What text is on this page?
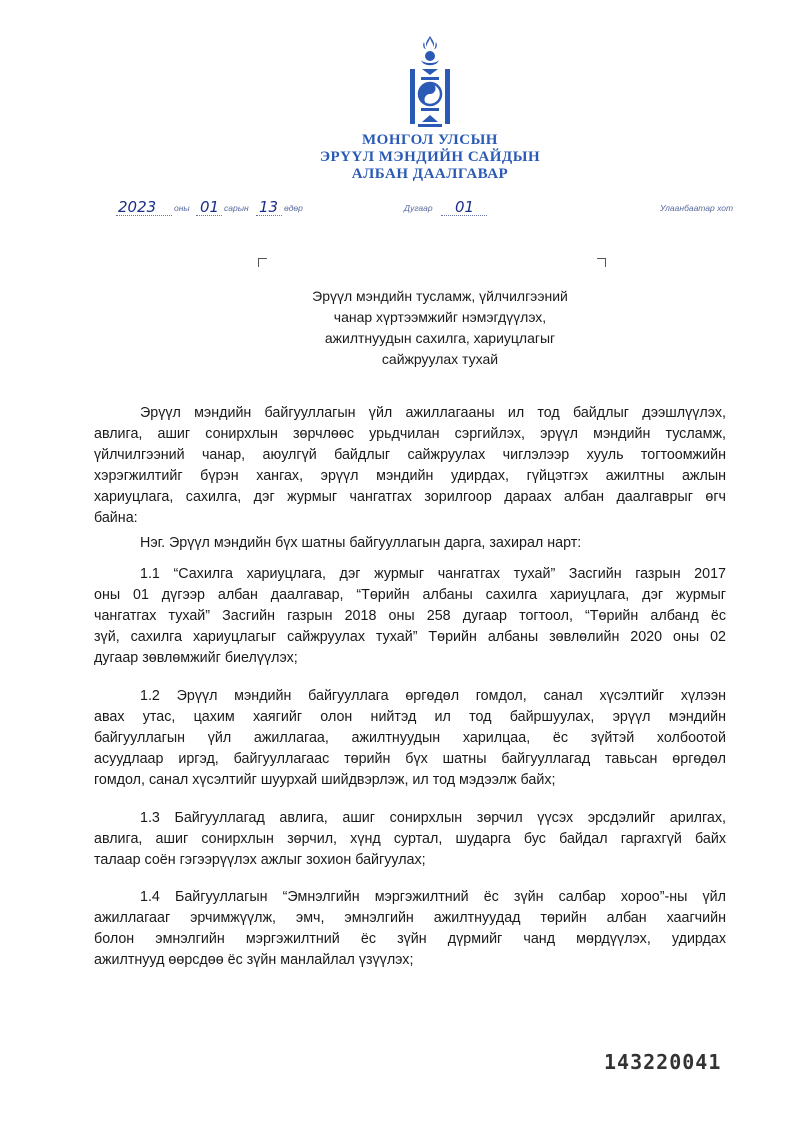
МОНГОЛ УЛСЫН
ЭРҮҮЛ МЭНДИЙН САЙДЫН
АЛБАН ДААЛГАВАР
2023 оны 01 сарын 13 өдөр	Дугаар 01	Улаанбаатар хот
Эрүүл мэндийн тусламж, үйлчилгээний
чанар хүртээмжийг нэмэгдүүлэх,
ажилтнуудын сахилга, хариуцлагыг
сайжруулах тухай
Эрүүл мэндийн байгууллагын үйл ажиллагааны ил тод байдлыг дээшлүүлэх,
авлига, ашиг сонирхлын зөрчлөөс урьдчилан сэргийлэх, эрүүл мэндийн тусламж,
үйлчилгээний чанар, аюулгүй байдлыг сайжруулах чиглэлээр хууль тогтоомжийн
хэрэгжилтийг бүрэн хангах, эрүүл мэндийн удирдах, гүйцэтгэх ажилтны ажлын
хариуцлага, сахилга, дэг журмыг чангатгах зорилгоор дараах албан даалгаврыг өгч
байна:
Нэг. Эрүүл мэндийн бүх шатны байгууллагын дарга, захирал нарт:
1.1 “Сахилга хариуцлага, дэг журмыг чангатгах тухай” Засгийн газрын 2017
оны 01 дүгээр албан даалгавар, “Төрийн албаны сахилга хариуцлага, дэг журмыг
чангатгах тухай” Засгийн газрын 2018 оны 258 дугаар тогтоол, “Төрийн албанд ёс
зүй, сахилга хариуцлагыг сайжруулах тухай” Төрийн албаны зөвлөлийн 2020 оны 02
дугаар зөвлөмжийг биелүүлэх;
1.2 Эрүүл мэндийн байгууллага өргөдөл гомдол, санал хүсэлтийг хүлээн
авах утас, цахим хаягийг олон нийтэд ил тод байршуулах, эрүүл мэндийн
байгууллагын үйл ажиллагаа, ажилтнуудын харилцаа, ёс зүйтэй холбоотой
асуудлаар иргэд, байгууллагаас төрийн бүх шатны байгууллагад тавьсан өргөдөл
гомдол, санал хүсэлтийг шуурхай шийдвэрлэж, ил тод мэдээлж байх;
1.3 Байгууллагад авлига, ашиг сонирхлын зөрчил үүсэх эрсдэлийг арилгах,
авлига, ашиг сонирхлын зөрчил, хүнд суртал, шударга бус байдал гаргахгүй байх
талаар соён гэгээрүүлэх ажлыг зохион байгуулах;
1.4 Байгууллагын “Эмнэлгийн мэргэжилтний ёс зүйн салбар хороо”-ны үйл
ажиллагааг эрчимжүүлж, эмч, эмнэлгийн ажилтнуудад төрийн албан хаагчийн
болон эмнэлгийн мэргэжилтний ёс зүйн дүрмийг чанд мөрдүүлэх, удирдах
ажилтнууд өөрсдөө ёс зүйн манлайлал үзүүлэх;
143220041
